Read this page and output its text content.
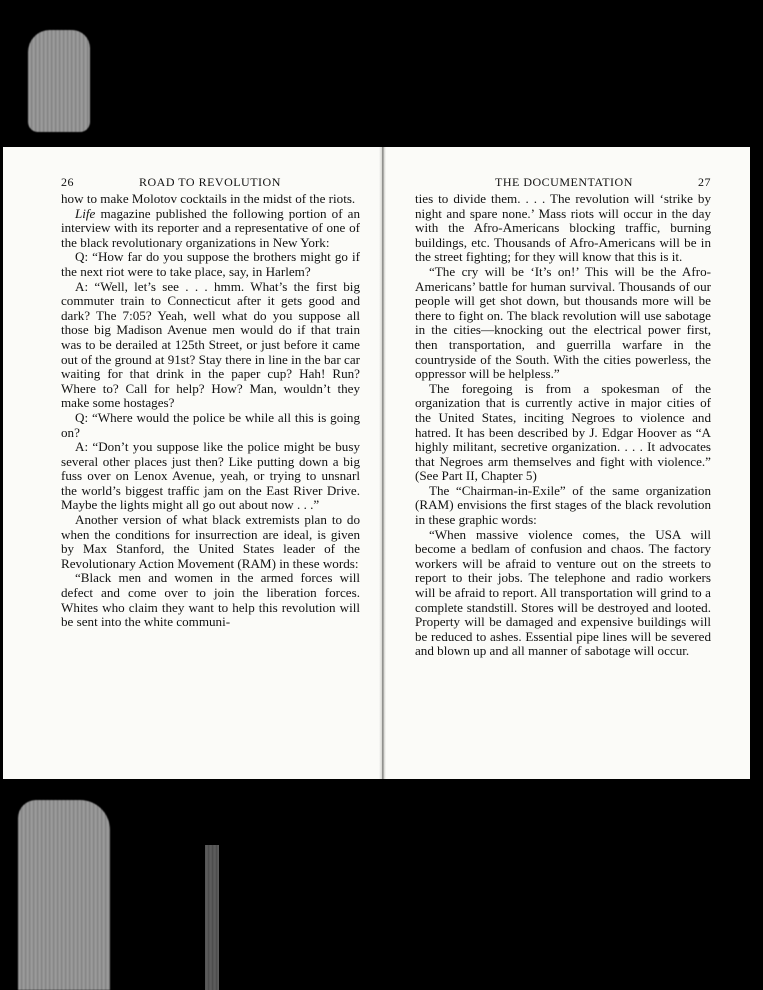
26	ROAD TO REVOLUTION

how to make Molotov cocktails in the midst of the riots.

Life magazine published the following portion of an interview with its reporter and a representative of one of the black revolutionary organizations in New York:

Q: “How far do you suppose the brothers might go if the next riot were to take place, say, in Harlem?

A: “Well, let’s see . . . hmm. What’s the first big commuter train to Connecticut after it gets good and dark? The 7:05? Yeah, well what do you suppose all those big Madison Avenue men would do if that train was to be derailed at 125th Street, or just before it came out of the ground at 91st? Stay there in line in the bar car waiting for that drink in the paper cup? Hah! Run? Where to? Call for help? How? Man, wouldn’t they make some hostages?

Q: “Where would the police be while all this is going on?

A: “Don’t you suppose like the police might be busy several other places just then? Like putting down a big fuss over on Lenox Avenue, yeah, or trying to unsnarl the world’s biggest traffic jam on the East River Drive. Maybe the lights might all go out about now . . .”

Another version of what black extremists plan to do when the conditions for insurrection are ideal, is given by Max Stanford, the United States leader of the Revolutionary Action Movement (RAM) in these words:

“Black men and women in the armed forces will defect and come over to join the liberation forces. Whites who claim they want to help this revolution will be sent into the white communi-

THE DOCUMENTATION	27

ties to divide them. . . . The revolution will ‘strike by night and spare none.’ Mass riots will occur in the day with the Afro-Americans blocking traffic, burning buildings, etc. Thousands of Afro-Americans will be in the street fighting; for they will know that this is it.

“The cry will be ‘It’s on!’ This will be the Afro-Americans’ battle for human survival. Thousands of our people will get shot down, but thousands more will be there to fight on. The black revolution will use sabotage in the cities—knocking out the electrical power first, then transportation, and guerrilla warfare in the countryside of the South. With the cities powerless, the oppressor will be helpless.”

The foregoing is from a spokesman of the organization that is currently active in major cities of the United States, inciting Negroes to violence and hatred. It has been described by J. Edgar Hoover as “A highly militant, secretive organization. . . . It advocates that Negroes arm themselves and fight with violence.” (See Part II, Chapter 5)

The “Chairman-in-Exile” of the same organization (RAM) envisions the first stages of the black revolution in these graphic words:

“When massive violence comes, the USA will become a bedlam of confusion and chaos. The factory workers will be afraid to venture out on the streets to report to their jobs. The telephone and radio workers will be afraid to report. All transportation will grind to a complete standstill. Stores will be destroyed and looted. Property will be damaged and expensive buildings will be reduced to ashes. Essential pipe lines will be severed and blown up and all manner of sabotage will occur.
